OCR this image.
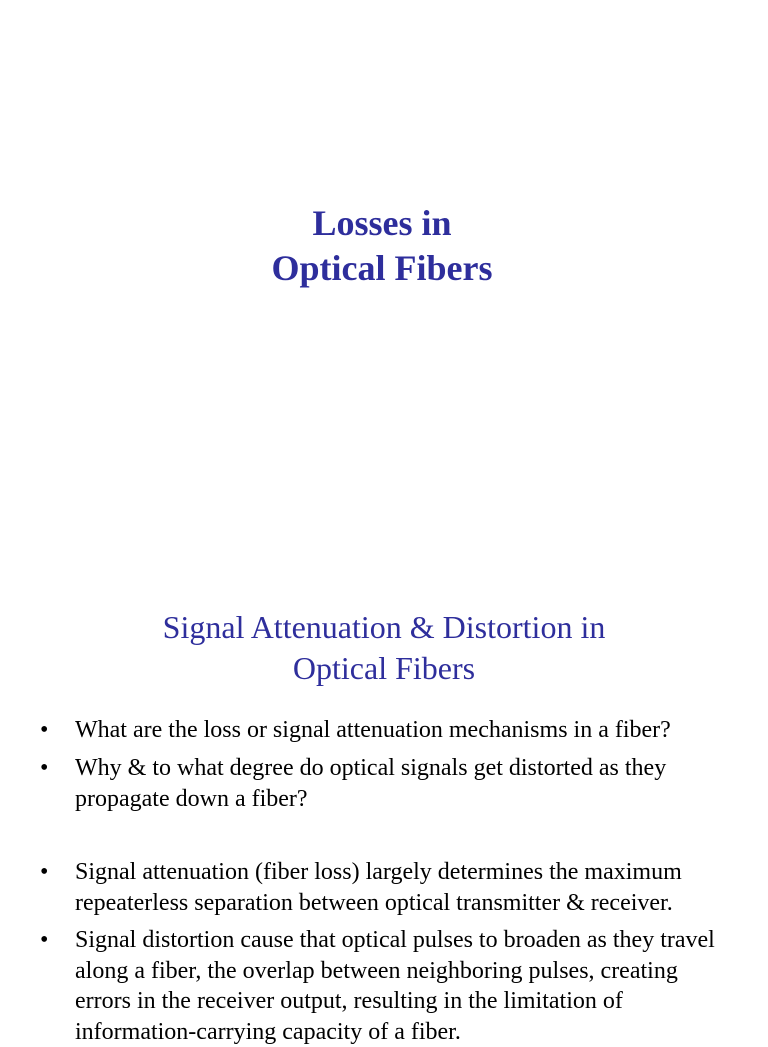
Losses in
Optical Fibers
Signal Attenuation & Distortion in
Optical Fibers
•	What are the loss or signal attenuation mechanisms in a fiber?
•	Why & to what degree do optical signals get distorted as they propagate down a fiber?
•	Signal attenuation (fiber loss) largely determines the maximum repeaterless separation between optical transmitter & receiver.
•	Signal distortion cause that optical pulses to broaden as they travel along a fiber, the overlap between neighboring pulses, creating errors in the receiver output, resulting in the limitation of information-carrying capacity of a fiber.
